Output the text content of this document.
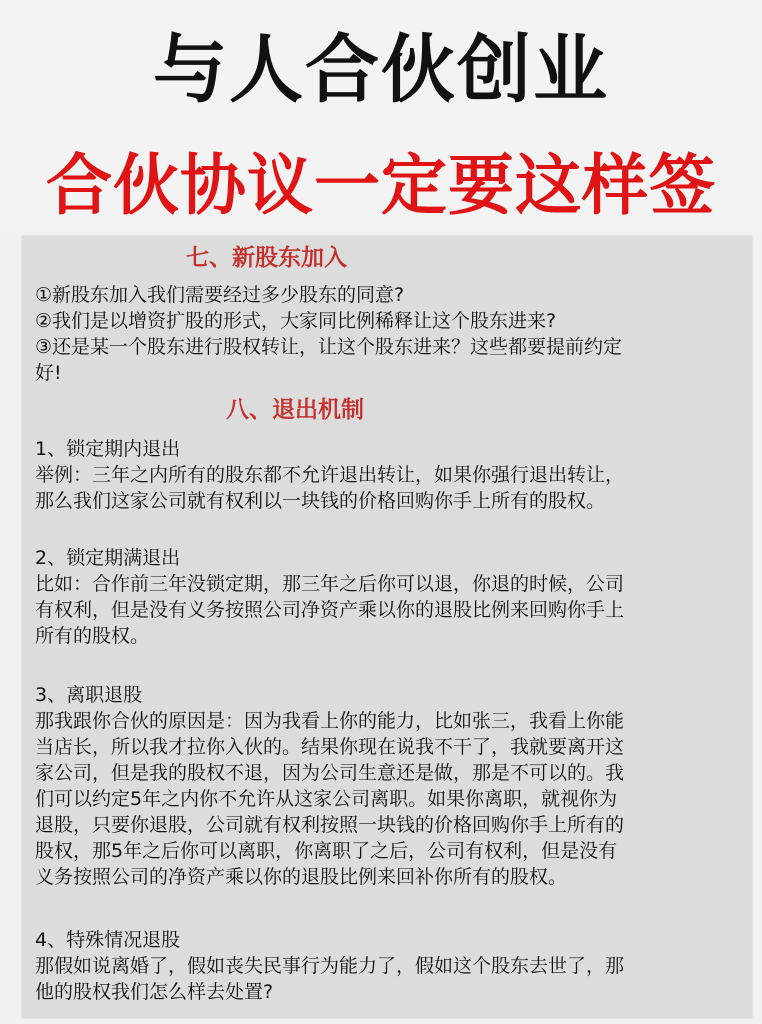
与人合伙创业
合伙协议一定要这样签
七、新股东加入
①新股东加入我们需要经过多少股东的同意?
②我们是以增资扩股的形式，大家同比例稀释让这个股东进来?
③还是某一个股东进行股权转让，让这个股东进来？这些都要提前约定
好!
八、退出机制
1、锁定期内退出
举例：三年之内所有的股东都不允许退出转让，如果你强行退出转让，
那么我们这家公司就有权利以一块钱的价格回购你手上所有的股权。
2、锁定期满退出
比如：合作前三年没锁定期，那三年之后你可以退，你退的时候，公司
有权利，但是没有义务按照公司净资产乘以你的退股比例来回购你手上
所有的股权。
3、离职退股
那我跟你合伙的原因是：因为我看上你的能力，比如张三，我看上你能
当店长，所以我才拉你入伙的。结果你现在说我不干了，我就要离开这
家公司，但是我的股权不退，因为公司生意还是做，那是不可以的。我
们可以约定5年之内你不允许从这家公司离职。如果你离职，就视你为
退股，只要你退股，公司就有权利按照一块钱的价格回购你手上所有的
股权，那5年之后你可以离职，你离职了之后，公司有权利，但是没有
义务按照公司的净资产乘以你的退股比例来回补你所有的股权。
4、特殊情况退股
那假如说离婚了，假如丧失民事行为能力了，假如这个股东去世了，那
他的股权我们怎么样去处置?
